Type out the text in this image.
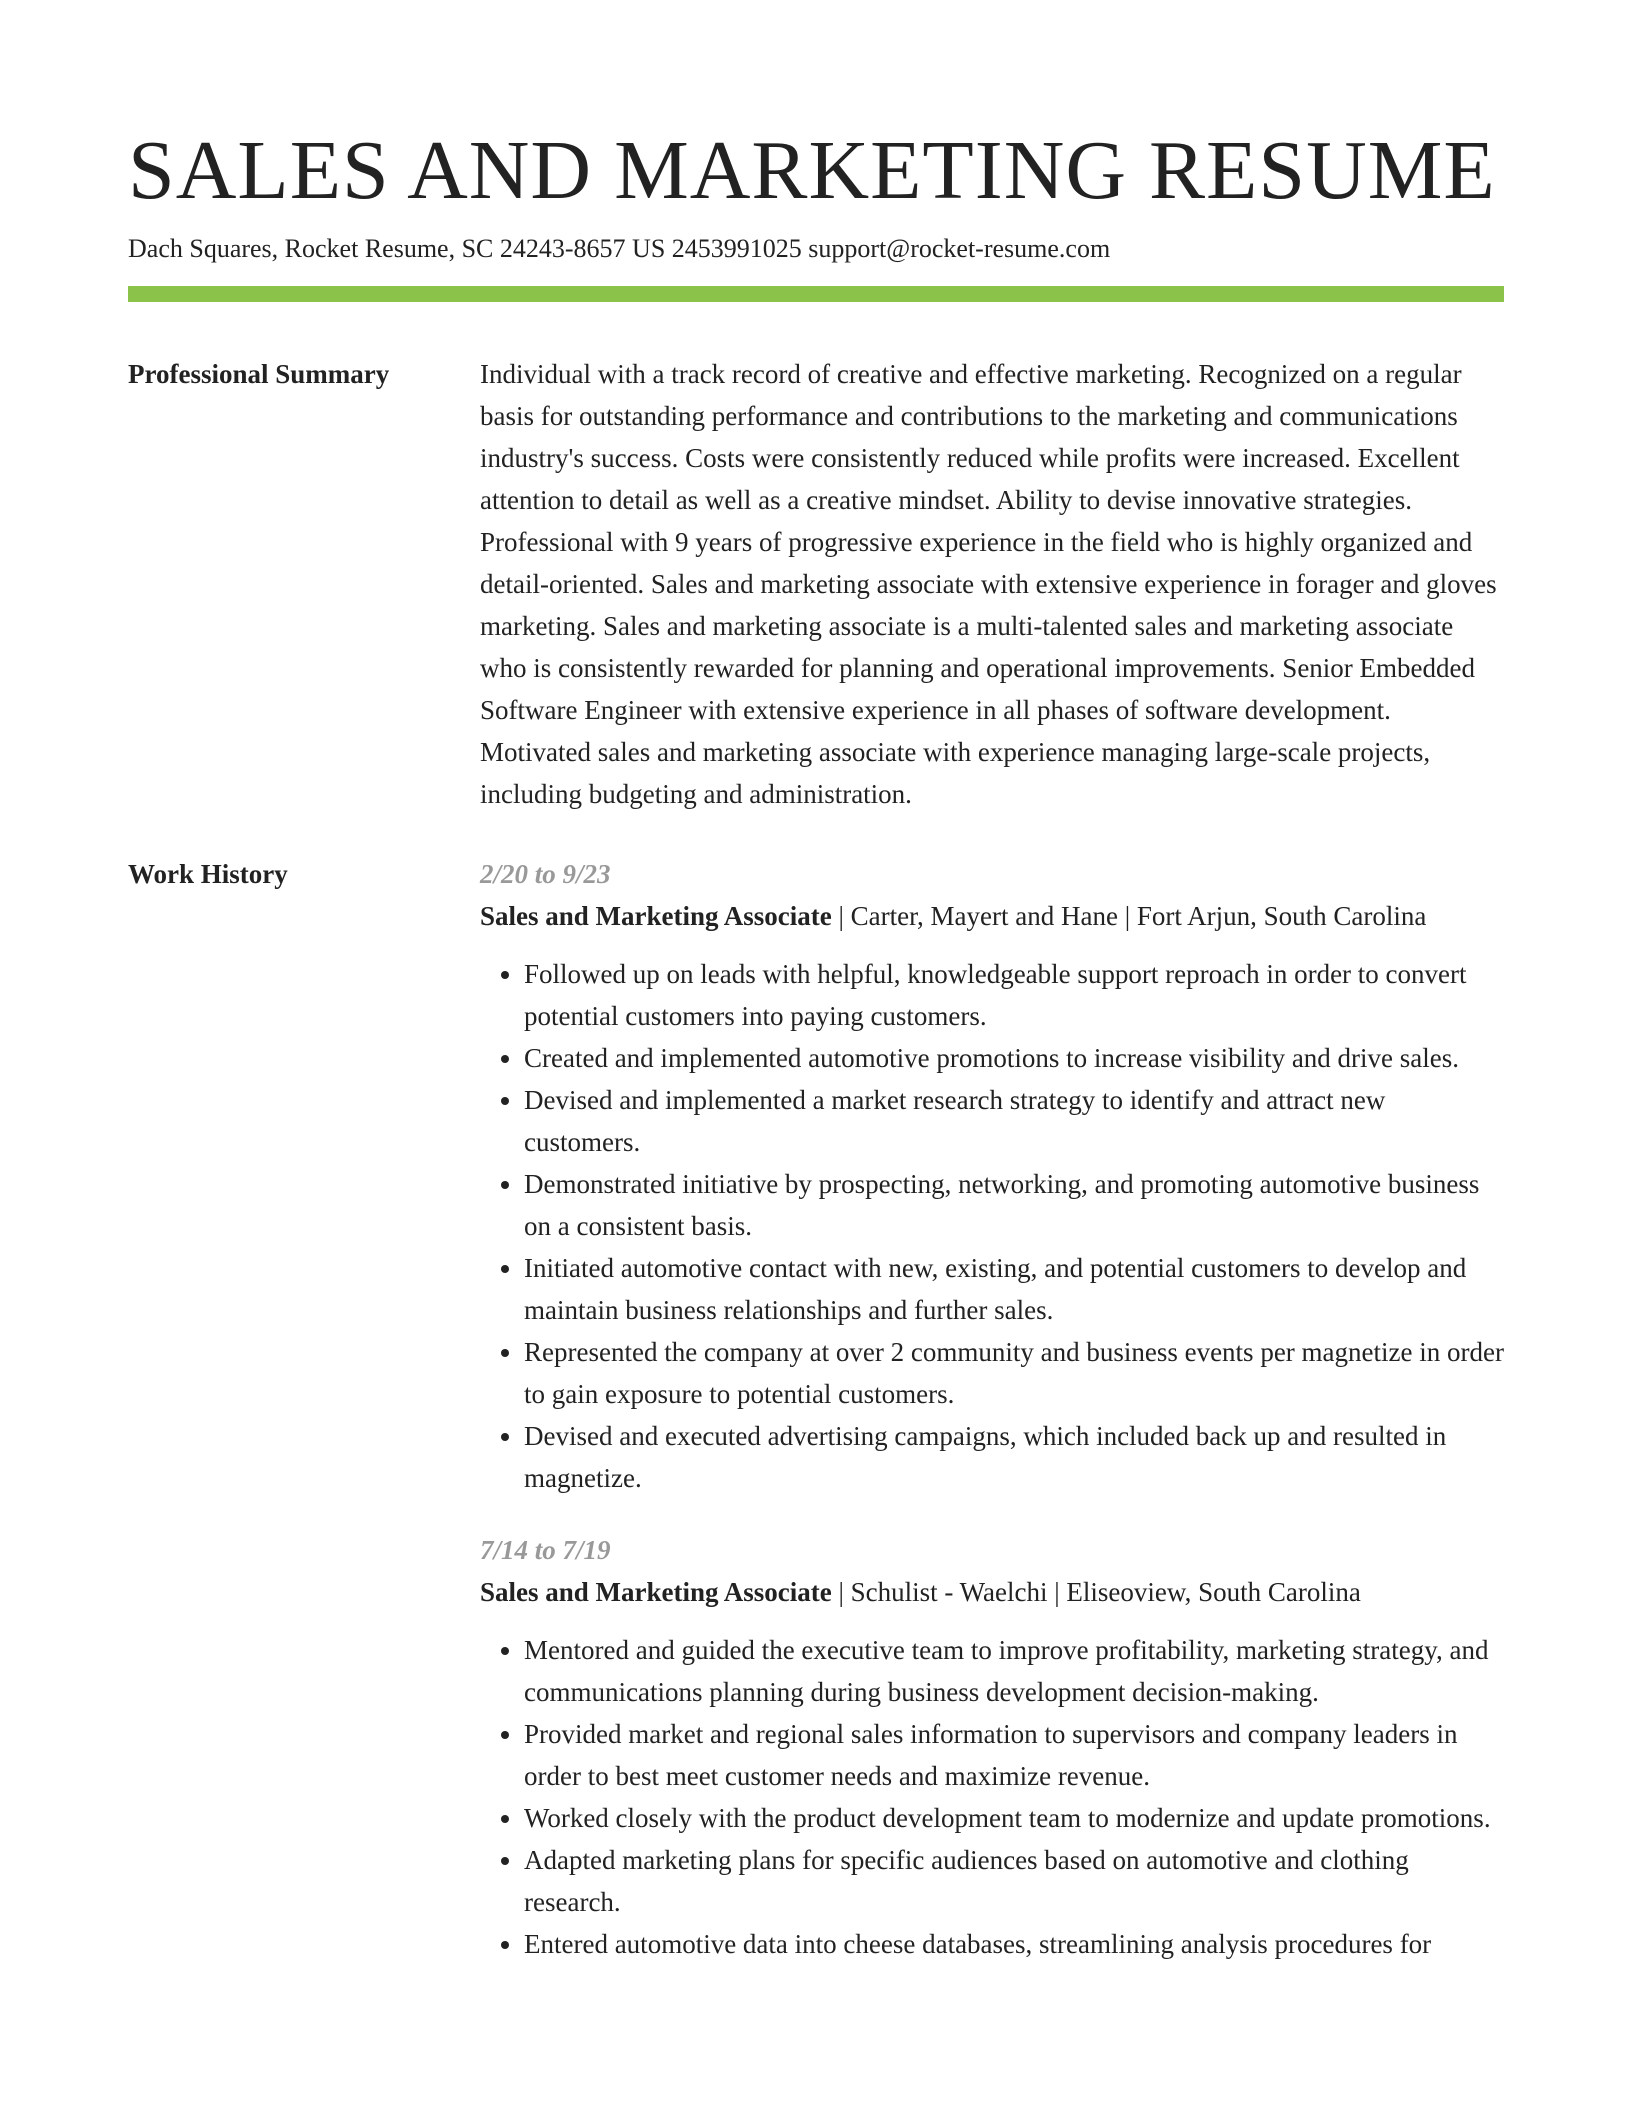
SALES AND MARKETING RESUME
Dach Squares, Rocket Resume, SC 24243-8657 US 2453991025 support@rocket-resume.com
Professional Summary	Individual with a track record of creative and effective marketing. Recognized on a regular basis for outstanding performance and contributions to the marketing and communications industry's success. Costs were consistently reduced while profits were increased. Excellent attention to detail as well as a creative mindset. Ability to devise innovative strategies. Professional with 9 years of progressive experience in the field who is highly organized and detail-oriented. Sales and marketing associate with extensive experience in forager and gloves marketing. Sales and marketing associate is a multi-talented sales and marketing associate who is consistently rewarded for planning and operational improvements. Senior Embedded Software Engineer with extensive experience in all phases of software development. Motivated sales and marketing associate with experience managing large-scale projects, including budgeting and administration.

Work History	2/20 to 9/23
Sales and Marketing Associate | Carter, Mayert and Hane | Fort Arjun, South Carolina
• Followed up on leads with helpful, knowledgeable support reproach in order to convert potential customers into paying customers.
• Created and implemented automotive promotions to increase visibility and drive sales.
• Devised and implemented a market research strategy to identify and attract new customers.
• Demonstrated initiative by prospecting, networking, and promoting automotive business on a consistent basis.
• Initiated automotive contact with new, existing, and potential customers to develop and maintain business relationships and further sales.
• Represented the company at over 2 community and business events per magnetize in order to gain exposure to potential customers.
• Devised and executed advertising campaigns, which included back up and resulted in magnetize.
7/14 to 7/19
Sales and Marketing Associate | Schulist - Waelchi | Eliseoview, South Carolina
• Mentored and guided the executive team to improve profitability, marketing strategy, and communications planning during business development decision-making.
• Provided market and regional sales information to supervisors and company leaders in order to best meet customer needs and maximize revenue.
• Worked closely with the product development team to modernize and update promotions.
• Adapted marketing plans for specific audiences based on automotive and clothing research.
• Entered automotive data into cheese databases, streamlining analysis procedures for
